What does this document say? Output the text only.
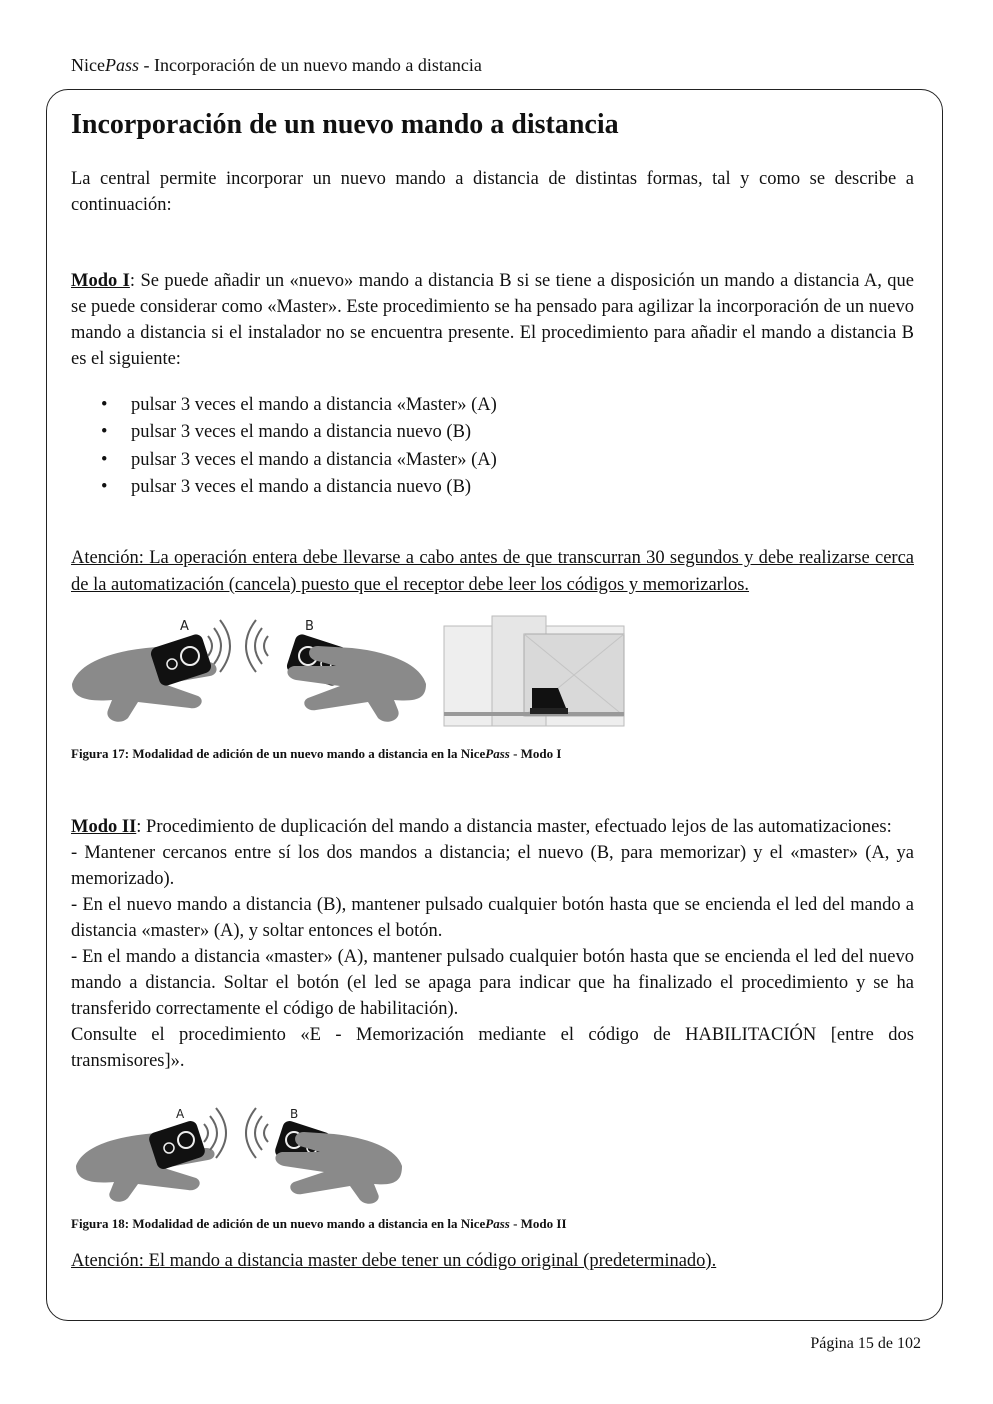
NicePass - Incorporación de un nuevo mando a distancia
Incorporación de un nuevo mando a distancia

La central permite incorporar un nuevo mando a distancia de distintas formas, tal y como se describe a continuación:

Modo I: Se puede añadir un «nuevo» mando a distancia B si se tiene a disposición un mando a distancia A, que se puede considerar como «Master». Este procedimiento se ha pensado para agilizar la incorporación de un nuevo mando a distancia si el instalador no se encuentra presente. El procedimiento para añadir el mando a distancia B es el siguiente:

• pulsar 3 veces el mando a distancia «Master» (A)
• pulsar 3 veces el mando a distancia nuevo (B)
• pulsar 3 veces el mando a distancia «Master» (A)
• pulsar 3 veces el mando a distancia nuevo (B)

Atención: La operación entera debe llevarse a cabo antes de que transcurran 30 segundos y debe realizarse cerca de la automatización (cancela) puesto que el receptor debe leer los códigos y memorizarlos.

A	B
Figura 17: Modalidad de adición de un nuevo mando a distancia en la NicePass - Modo I

Modo II: Procedimiento de duplicación del mando a distancia master, efectuado lejos de las automatizaciones:

- Mantener cercanos entre sí los dos mandos a distancia; el nuevo (B, para memorizar) y el «master» (A, ya memorizado).

- En el nuevo mando a distancia (B), mantener pulsado cualquier botón hasta que se encienda el led del mando a distancia «master» (A), y soltar entonces el botón.

- En el mando a distancia «master» (A), mantener pulsado cualquier botón hasta que se encienda el led del nuevo mando a distancia. Soltar el botón (el led se apaga para indicar que ha finalizado el procedimiento y se ha transferido correctamente el código de habilitación).

Consulte el procedimiento «E - Memorización mediante el código de HABILITACIÓN [entre dos transmisores]».

A	B
Figura 18: Modalidad de adición de un nuevo mando a distancia en la NicePass - Modo II

Atención: El mando a distancia master debe tener un código original (predeterminado).

Página 15 de 102
